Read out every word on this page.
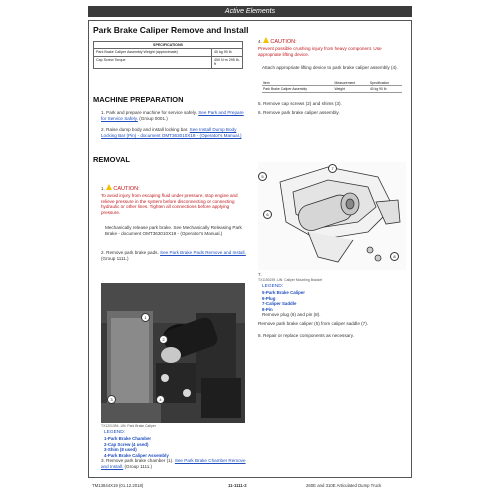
Active Elements
Park Brake Caliper Remove and Install
SPECIFICATIONS	
Park Brake Caliper Assembly Weight (approximate)	40 kg 90 lb
Cap Screw Torque	400 N·m 295 lb-ft
MACHINE PREPARATION
1. Park and prepare machine for service safely. See Park and Prepare for Service Safely. (Group 0001.)
2. Raise dump body and install locking bar. See Install Dump Body Locking Bar (Pin) - document OMT363010X19 - (Operator's Manual.)
REMOVAL
1. CAUTION:
To avoid injury from escaping fluid under pressure, stop engine and relieve pressure in the system before disconnecting or connecting hydraulic or other lines. Tighten all connections before applying pressure.
Mechanically release park brake. See Mechanically Releasing Park Brake - document OMT363010X19 - (Operator's Manual.)
2. Remove park brake pads. See Park Brake Pads Remove and Install. (Group 1111.)
1
2
3	4
TX1201394 -UN: Park Brake Caliper
LEGEND:
1-Park Brake Chamber
2-Cap Screw (4 used)
3-Shim (8 used)
4-Park Brake Caliper Assembly
3. Remove park brake chamber (1). See Park Brake Chamber Remove and Install. (Group 1111.)
4. CAUTION:
Prevent possible crushing injury from heavy component. Use appropriate lifting device.
Attach appropriate lifting device to park brake caliper assembly (4).
Item	Measurement	Specification
Park Brake Caliper Assembly	Weight	40 kg 90 lb
5. Remove cap screws (2) and shims (3).
6. Remove park brake caliper assembly.
5
6
7
8
TX1150239 -UN: Caliper Mounting Bracket
LEGEND:
5-Park Brake Caliper
6-Plug
7-Caliper Saddle
8-Pin
7.
Remove plug (6) and pin (8).
Remove park brake caliper (5) from caliper saddle (7).
8. Repair or replace components as necessary.
TM13844X19 (01.12.2018)	11-1111-2	260E and 310E Articulated Dump Truck
